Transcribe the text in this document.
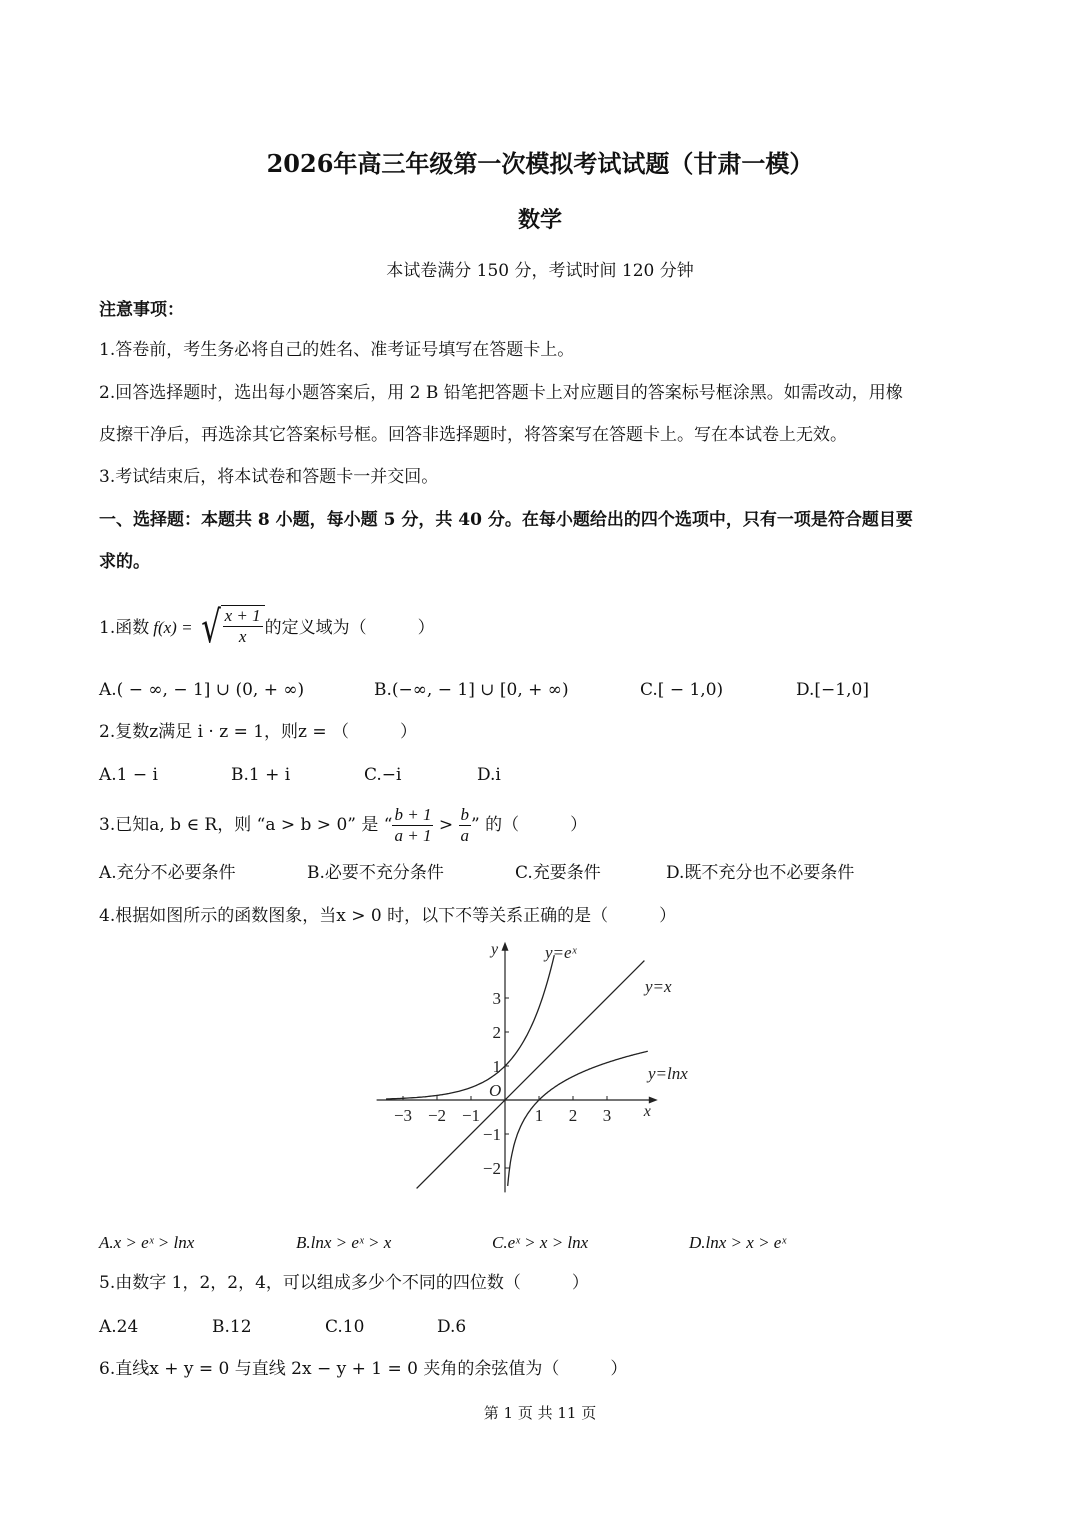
2026年高三年级第一次模拟考试试题（甘肃一模）
数学
本试卷满分 150 分，考试时间 120 分钟
注意事项：
1.答卷前，考生务必将自己的姓名、准考证号填写在答题卡上。
2.回答选择题时，选出每小题答案后，用 2 B 铅笔把答题卡上对应题目的答案标号框涂黑。如需改动，用橡
皮擦干净后，再选涂其它答案标号框。回答非选择题时，将答案写在答题卡上。写在本试卷上无效。
3.考试结束后，将本试卷和答题卡一并交回。
一、选择题：本题共 8 小题，每小题 5 分，共 40 分。在每小题给出的四个选项中，只有一项是符合题目要
求的。
1.函数 f(x) = √ $\frac{x + 1}{x}$ 的定义域为（　　　）
A.( − ∞, − 1] ∪ (0, + ∞)	B.(−∞, − 1] ∪ [0, + ∞)	C.[ − 1,0)	D.[−1,0]
2.复数z满足 i · z = 1，则z = （　　　）
A.1 − i	B.1 + i	C.−i	D.i
3.已知a, b ∈ R，则 “a > b > 0” 是 “ $\frac{b + 1}{a + 1} > \frac{b}{a}$ ” 的（　　　）
A.充分不必要条件	B.必要不充分条件	C.充要条件	D.既不充分也不必要条件
4.根据如图所示的函数图象，当x > 0 时，以下不等关系正确的是（　　　）
−3 −2 −1	1 2 3
3
2
1
−1
−2
x
y
O
y=eˣ
y=x
y=lnx
A.x > eˣ > lnx	B.lnx > eˣ > x	C.eˣ > x > lnx	D.lnx > x > eˣ
5.由数字 1，2，2，4，可以组成多少个不同的四位数（　　　）
A.24	B.12	C.10	D.6
6.直线x + y = 0 与直线 2x − y + 1 = 0 夹角的余弦值为（　　　）
第 1 页 共 11 页
